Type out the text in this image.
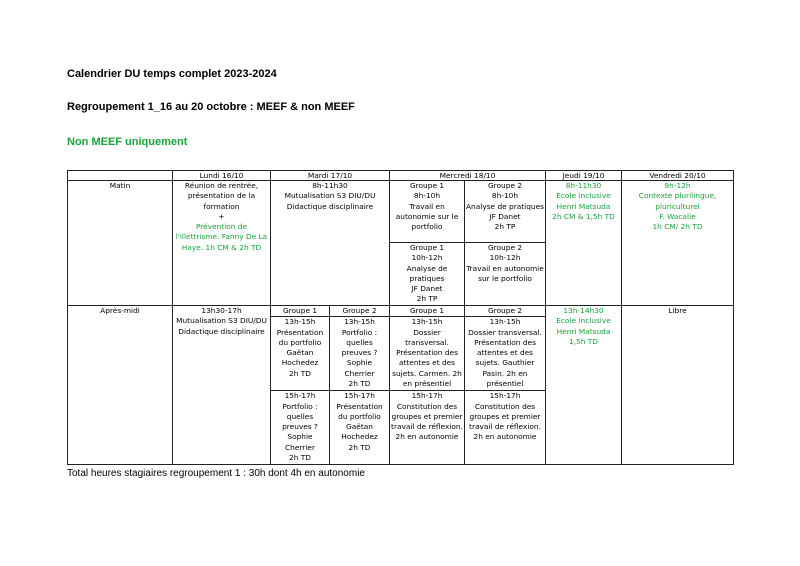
Calendrier DU temps complet 2023-2024
Regroupement 1_16 au 20 octobre : MEEF & non MEEF
Non MEEF uniquement
	Lundi 16/10	Mardi 17/10		Mercredi 18/10		Jeudi 19/10	Vendredi 20/10
Matin	Réunion de rentrée, présentation de la formation
+
Prévention de l'illettrisme. Fanny De La Haye. 1h CM & 2h TD	8h-11h30
Mutualisation S3 DIU/DU
Didactique disciplinaire		Groupe 1
8h-10h
Travail en autonomie sur le portfolio	Groupe 2
8h-10h
Analyse de pratiques
JF Danet
2h TP	8h-11h30
Ecole inclusive
Henri Matsuda
2h CM & 1,5h TD	9h-12h
Contexte plurilingue, pluriculturel
F. Wacalie
1h CM/ 2h TD

				Groupe 1
10h-12h
Analyse de pratiques
JF Danet
2h TP	Groupe 2
10h-12h
Travail en autonomie sur le portfolio		

Après-midi	13h30-17h
Mutualisation S3 DIU/DU
Didactique disciplinaire	Groupe 1	Groupe 2	Groupe 1	Groupe 2	13h-14h30
Ecole inclusive
Henri Matsuda
1,5h TD	Libre

		13h-15h
Présentation du portfolio
Gaëtan Hochedez
2h TD	13h-15h
Portfolio : quelles preuves ?
Sophie Cherrier
2h TD	13h-15h
Dossier transversal. Présentation des attentes et des sujets. Carmen. 2h en présentiel	13h-15h
Dossier transversal. Présentation des attentes et des sujets. Gauthier Pasin. 2h en présentiel		

		15h-17h
Portfolio : quelles preuves ?
Sophie Cherrier
2h TD	15h-17h
Présentation du portfolio
Gaëtan Hochedez
2h TD	15h-17h
Constitution des groupes et premier travail de réflexion. 2h en autonomie	15h-17h
Constitution des groupes et premier travail de réflexion. 2h en autonomie		
Total heures stagiaires regroupement 1 : 30h dont 4h en autonomie
